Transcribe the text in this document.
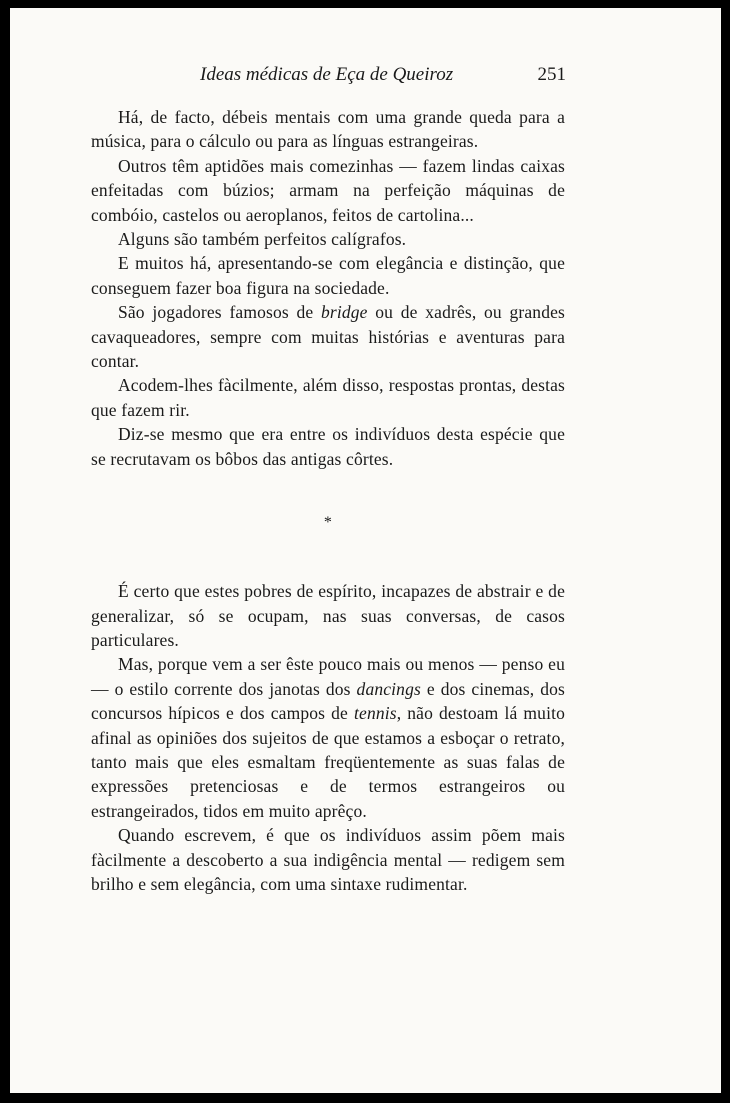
Ideas médicas de Eça de Queiroz	251

Há, de facto, débeis mentais com uma grande queda para a música, para o cálculo ou para as línguas estrangeiras.

Outros têm aptidões mais comezinhas — fazem lindas caixas enfeitadas com búzios; armam na perfeição máquinas de combóio, castelos ou aeroplanos, feitos de cartolina...

Alguns são também perfeitos calígrafos.

E muitos há, apresentando-se com elegância e distinção, que conseguem fazer boa figura na sociedade.

São jogadores famosos de bridge ou de xadrês, ou grandes cavaqueadores, sempre com muitas histórias e aventuras para contar.

Acodem-lhes fàcilmente, além disso, respostas prontas, destas que fazem rir.

Diz-se mesmo que era entre os indivíduos desta espécie que se recrutavam os bôbos das antigas côrtes.

*

É certo que estes pobres de espírito, incapazes de abstrair e de generalizar, só se ocupam, nas suas conversas, de casos particulares.

Mas, porque vem a ser êste pouco mais ou menos — penso eu — o estilo corrente dos janotas dos dancings e dos cinemas, dos concursos hípicos e dos campos de tennis, não destoam lá muito afinal as opiniões dos sujeitos de que estamos a esboçar o retrato, tanto mais que eles esmaltam freqüentemente as suas falas de expressões pretenciosas e de termos estrangeiros ou estrangeirados, tidos em muito aprêço.

Quando escrevem, é que os indivíduos assim põem mais fàcilmente a descoberto a sua indigência mental — redigem sem brilho e sem elegância, com uma sintaxe rudimentar.
